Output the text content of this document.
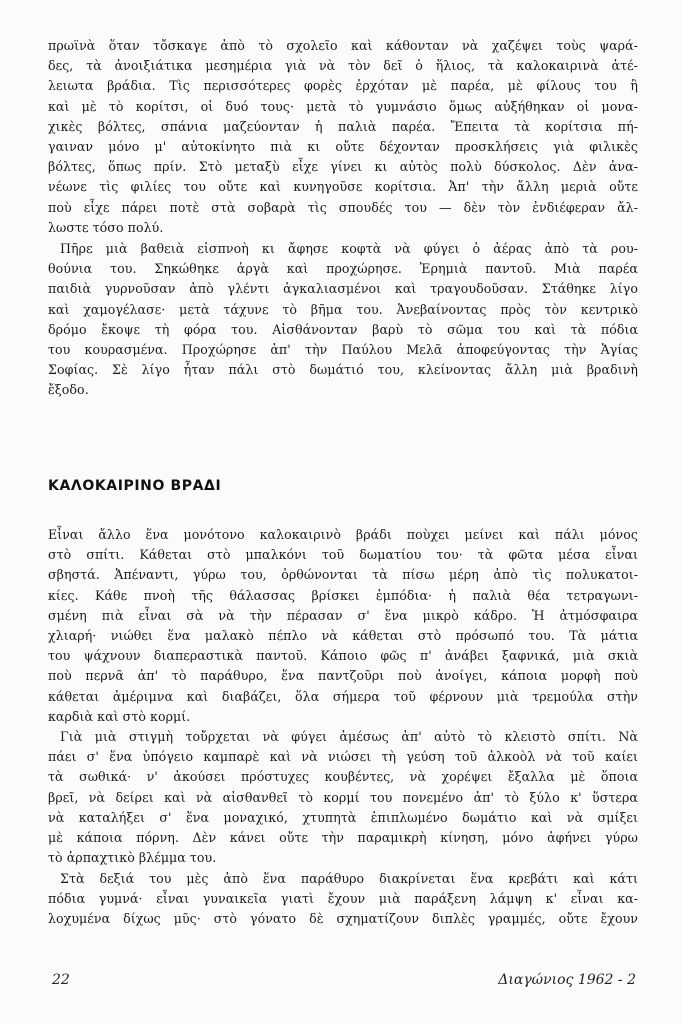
πρωϊνὰ ὅταν τὄσκαγε ἀπὸ τὸ σχολεῖο καὶ κάθονταν νὰ χαζέψει τοὺς ψαρά-
δες, τὰ ἀνοιξιάτικα μεσημέρια γιὰ νὰ τὸν δεῖ ὁ ἥλιος, τὰ καλοκαιρινὰ ἀτέ-
λειωτα βράδια. Τὶς περισσότερες φορὲς ἐρχόταν μὲ παρέα, μὲ φίλους του ἢ
καὶ μὲ τὸ κορίτσι, οἱ δυό τους· μετὰ τὸ γυμνάσιο ὅμως αὐξήθηκαν οἱ μονα-
χικὲς βόλτες, σπάνια μαζεύονταν ἡ παλιὰ παρέα. Ἔπειτα τὰ κορίτσια πή-
γαιναν μόνο μ' αὐτοκίνητο πιὰ κι οὔτε δέχονταν προσκλήσεις γιὰ φιλικὲς
βόλτες, ὅπως πρίν. Στὸ μεταξὺ εἶχε γίνει κι αὐτὸς πολὺ δύσκολος. Δὲν ἀνα-
νέωνε τὶς φιλίες του οὔτε καὶ κυνηγοῦσε κορίτσια. Ἀπ' τὴν ἄλλη μεριὰ οὔτε
ποὺ εἶχε πάρει ποτὲ στὰ σοβαρὰ τὶς σπουδές του — δὲν τὸν ἐνδιέφεραν ἄλ-
λωστε τόσο πολύ.
Πῆρε μιὰ βαθειὰ εἰσπνοὴ κι ἄφησε κοφτὰ νὰ φύγει ὁ ἀέρας ἀπὸ τὰ ρου-
θούνια του. Σηκώθηκε ἀργὰ καὶ προχώρησε. Ἐρημιὰ παντοῦ. Μιὰ παρέα
παιδιὰ γυρνοῦσαν ἀπὸ γλέντι ἀγκαλιασμένοι καὶ τραγουδοῦσαν. Στάθηκε λίγο
καὶ χαμογέλασε· μετὰ τάχυνε τὸ βῆμα του. Ἀνεβαίνοντας πρὸς τὸν κεντρικὸ
δρόμο ἔκοψε τὴ φόρα του. Αἰσθάνονταν βαρὺ τὸ σῶμα του καὶ τὰ πόδια
του κουρασμένα. Προχώρησε ἀπ' τὴν Παύλου Μελᾶ ἀποφεύγοντας τὴν Ἁγίας
Σοφίας. Σὲ λίγο ἦταν πάλι στὸ δωμάτιό του, κλείνοντας ἄλλη μιὰ βραδινὴ
ἔξοδο.
ΚΑΛΟΚΑΙΡΙΝΟ ΒΡΑΔΙ
Εἶναι ἄλλο ἕνα μονότονο καλοκαιρινὸ βράδι ποὺχει μείνει καὶ πάλι μόνος
στὸ σπίτι. Κάθεται στὸ μπαλκόνι τοῦ δωματίου του· τὰ φῶτα μέσα εἶναι
σβηστά. Ἀπέναντι, γύρω του, ὀρθώνονται τὰ πίσω μέρη ἀπὸ τὶς πολυκατοι-
κίες. Κάθε πνοὴ τῆς θάλασσας βρίσκει ἐμπόδια· ἡ παλιὰ θέα τετραγωνι-
σμένη πιὰ εἶναι σὰ νὰ τὴν πέρασαν σ' ἕνα μικρὸ κάδρο. Ἡ ἀτμόσφαιρα
χλιαρή· νιώθει ἕνα μαλακὸ πέπλο νὰ κάθεται στὸ πρόσωπό του. Τὰ μάτια
του ψάχνουν διαπεραστικὰ παντοῦ. Κάποιο φῶς π' ἀνάβει ξαφνικά, μιὰ σκιὰ
ποὺ περνᾶ ἀπ' τὸ παράθυρο, ἕνα παντζοῦρι ποὺ ἀνοίγει, κάποια μορφὴ ποὺ
κάθεται ἀμέριμνα καὶ διαβάζει, ὅλα σήμερα τοῦ φέρνουν μιὰ τρεμούλα στὴν
καρδιὰ καὶ στὸ κορμί.
Γιὰ μιὰ στιγμὴ τοὔρχεται νὰ φύγει ἀμέσως ἀπ' αὐτὸ τὸ κλειστὸ σπίτι. Νὰ
πάει σ' ἕνα ὑπόγειο καμπαρὲ καὶ νὰ νιώσει τὴ γεύση τοῦ ἀλκοὸλ νὰ τοῦ καίει
τὰ σωθικά· ν' ἀκούσει πρόστυχες κουβέντες, νὰ χορέψει ἔξαλλα μὲ ὅποια
βρεῖ, νὰ δείρει καὶ νὰ αἰσθανθεῖ τὸ κορμί του πονεμένο ἀπ' τὸ ξύλο κ' ὕστερα
νὰ καταλήξει σ' ἕνα μοναχικό, χτυπητὰ ἐπιπλωμένο δωμάτιο καὶ νὰ σμίξει
μὲ κάποια πόρνη. Δὲν κάνει οὔτε τὴν παραμικρὴ κίνηση, μόνο ἀφήνει γύρω
τὸ ἁρπαχτικὸ βλέμμα του.
Στὰ δεξιά του μὲς ἀπὸ ἕνα παράθυρο διακρίνεται ἕνα κρεβάτι καὶ κάτι
πόδια γυμνά· εἶναι γυναικεῖα γιατὶ ἔχουν μιὰ παράξενη λάμψη κ' εἶναι κα-
λοχυμένα δίχως μῦς· στὸ γόνατο δὲ σχηματίζουν διπλὲς γραμμές, οὔτε ἔχουν
22	Διαγώνιος 1962 - 2
